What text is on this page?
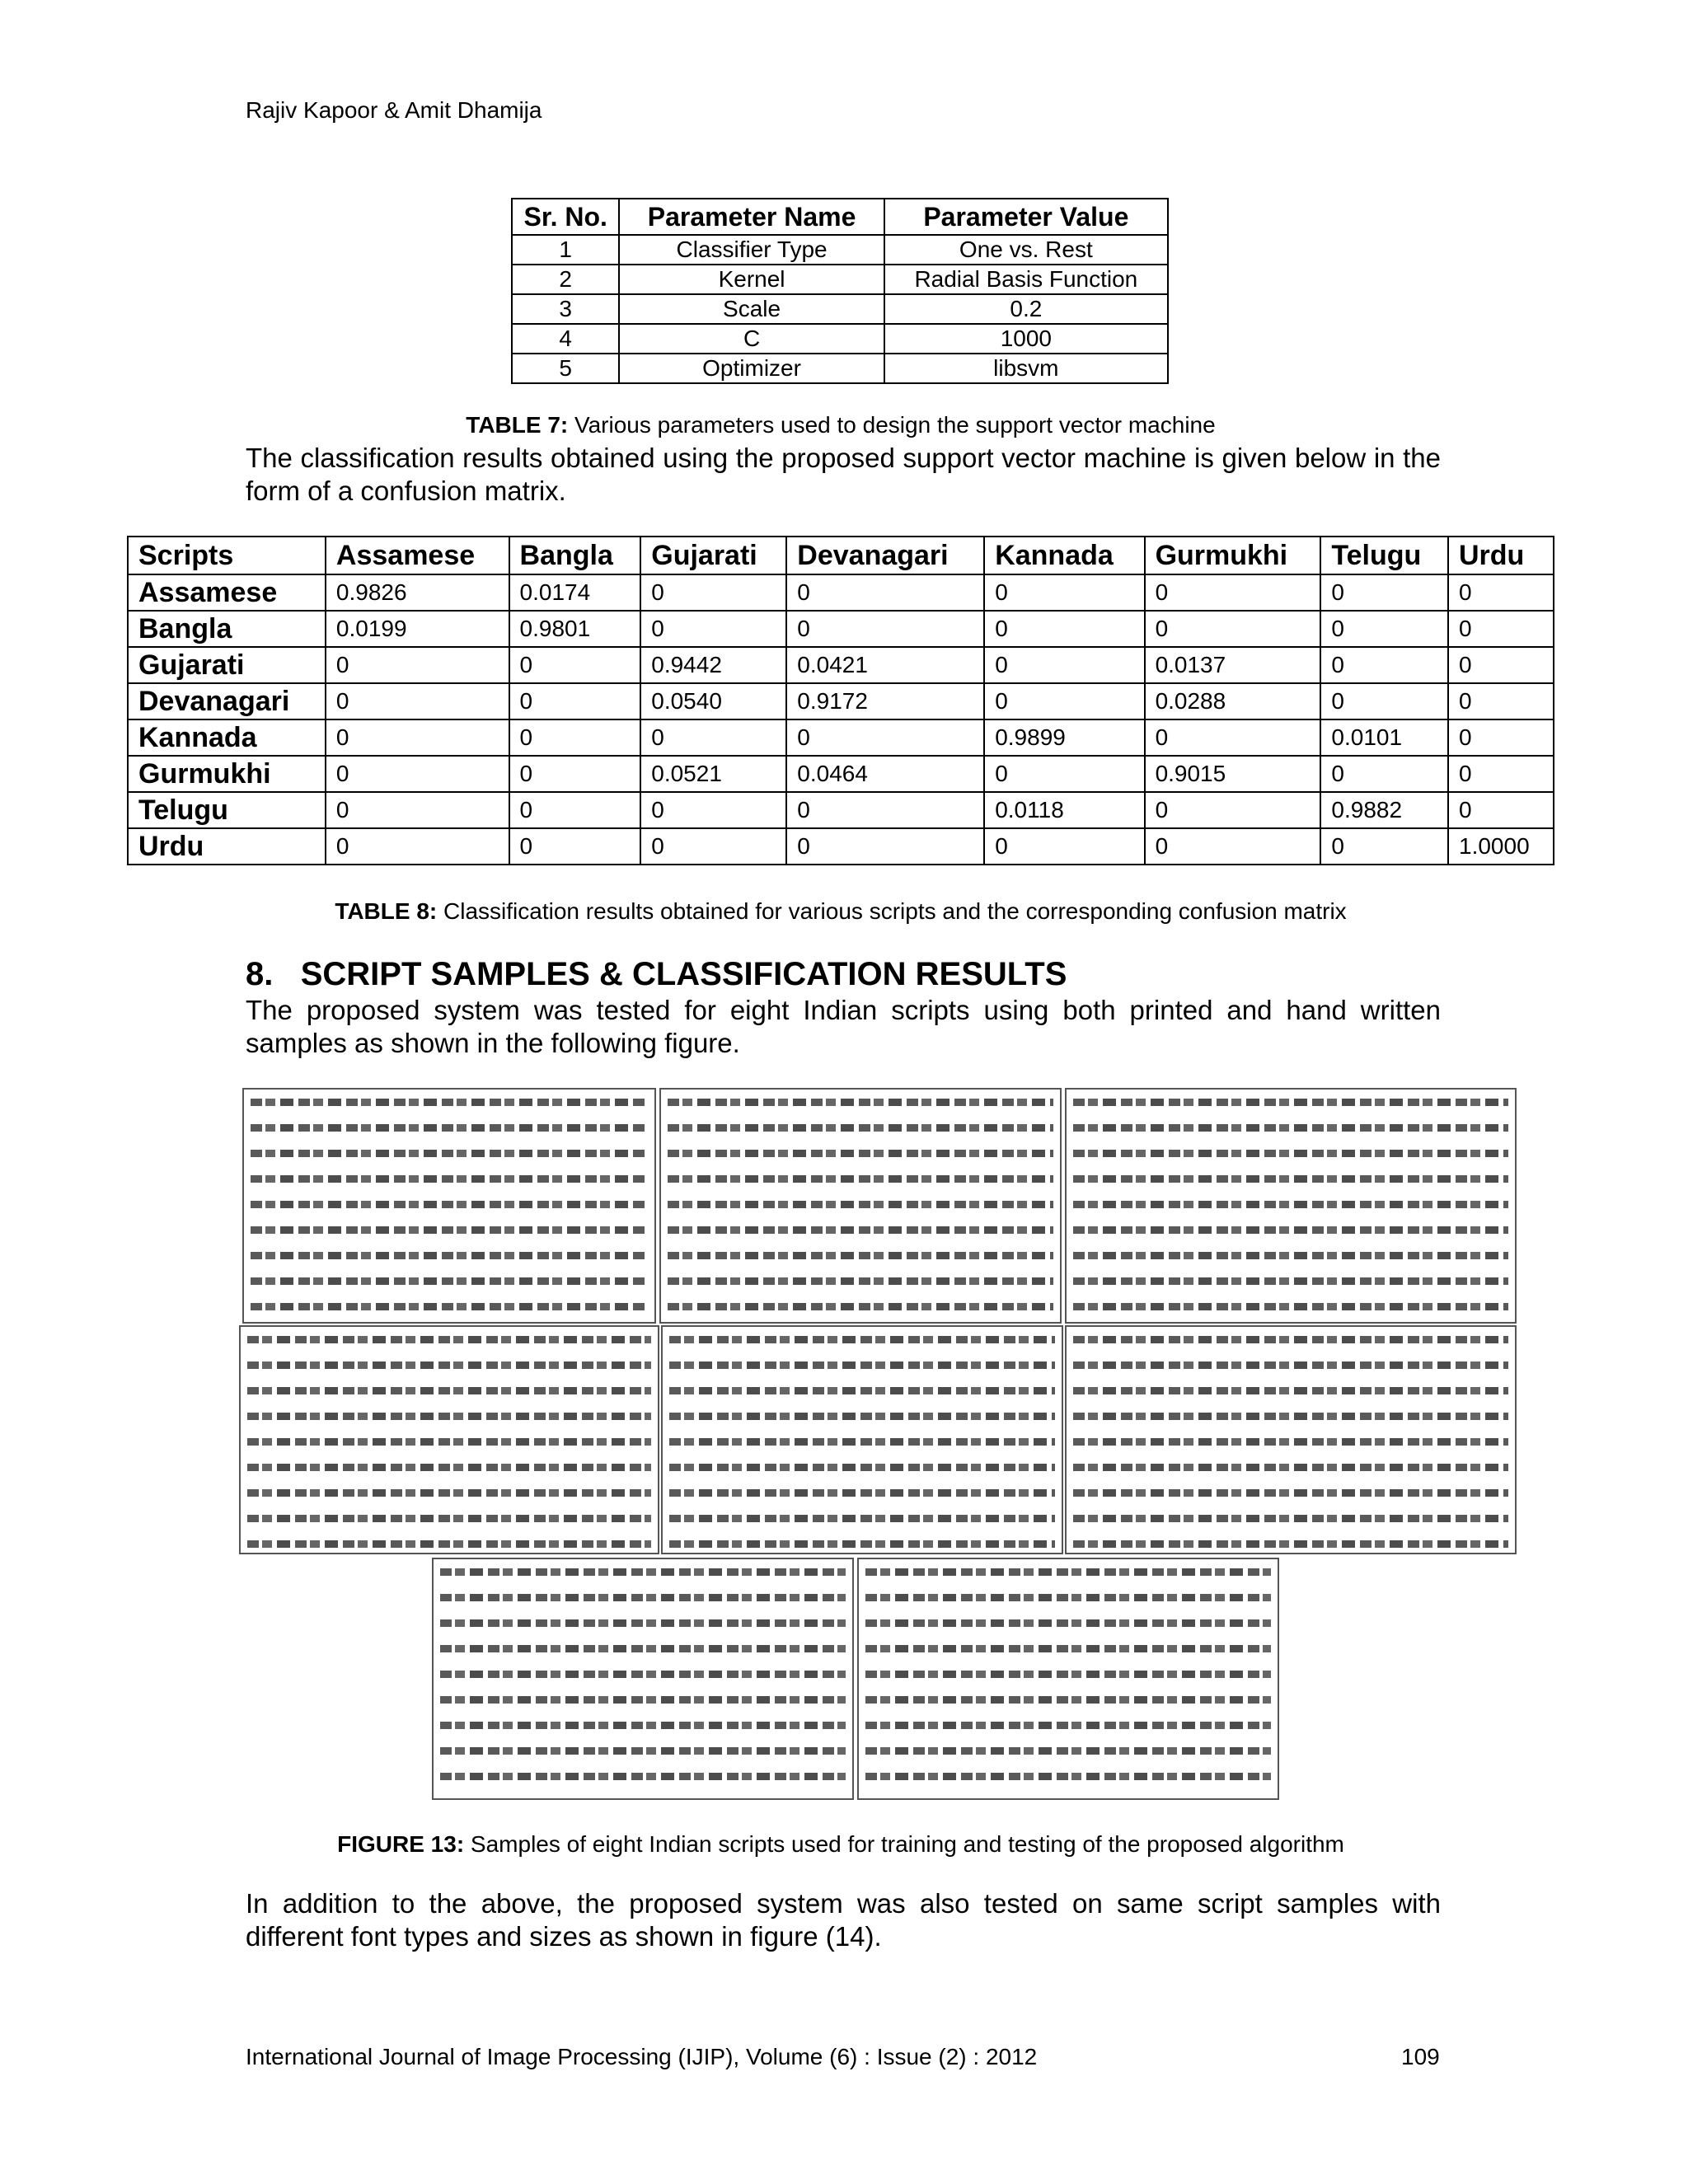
Rajiv Kapoor & Amit Dhamija
Sr. No.	Parameter Name	Parameter Value
1	Classifier Type	One vs. Rest
2	Kernel	Radial Basis Function
3	Scale	0.2
4	C	1000
5	Optimizer	libsvm
TABLE 7: Various parameters used to design the support vector machine
The classification results obtained using the proposed support vector machine is given below in the form of a confusion matrix.
Scripts	Assamese	Bangla	Gujarati	Devanagari	Kannada	Gurmukhi	Telugu	Urdu
Assamese	0.9826	0.0174	0	0	0	0	0	0
Bangla	0.0199	0.9801	0	0	0	0	0	0
Gujarati	0	0	0.9442	0.0421	0	0.0137	0	0
Devanagari	0	0	0.0540	0.9172	0	0.0288	0	0
Kannada	0	0	0	0	0.9899	0	0.0101	0
Gurmukhi	0	0	0.0521	0.0464	0	0.9015	0	0
Telugu	0	0	0	0	0.0118	0	0.9882	0
Urdu	0	0	0	0	0	0	0	1.0000
TABLE 8: Classification results obtained for various scripts and the corresponding confusion matrix
8. SCRIPT SAMPLES & CLASSIFICATION RESULTS
The proposed system was tested for eight Indian scripts using both printed and hand written samples as shown in the following figure.
FIGURE 13: Samples of eight Indian scripts used for training and testing of the proposed algorithm
In addition to the above, the proposed system was also tested on same script samples with different font types and sizes as shown in figure (14).
International Journal of Image Processing (IJIP), Volume (6) : Issue (2) : 2012	109
